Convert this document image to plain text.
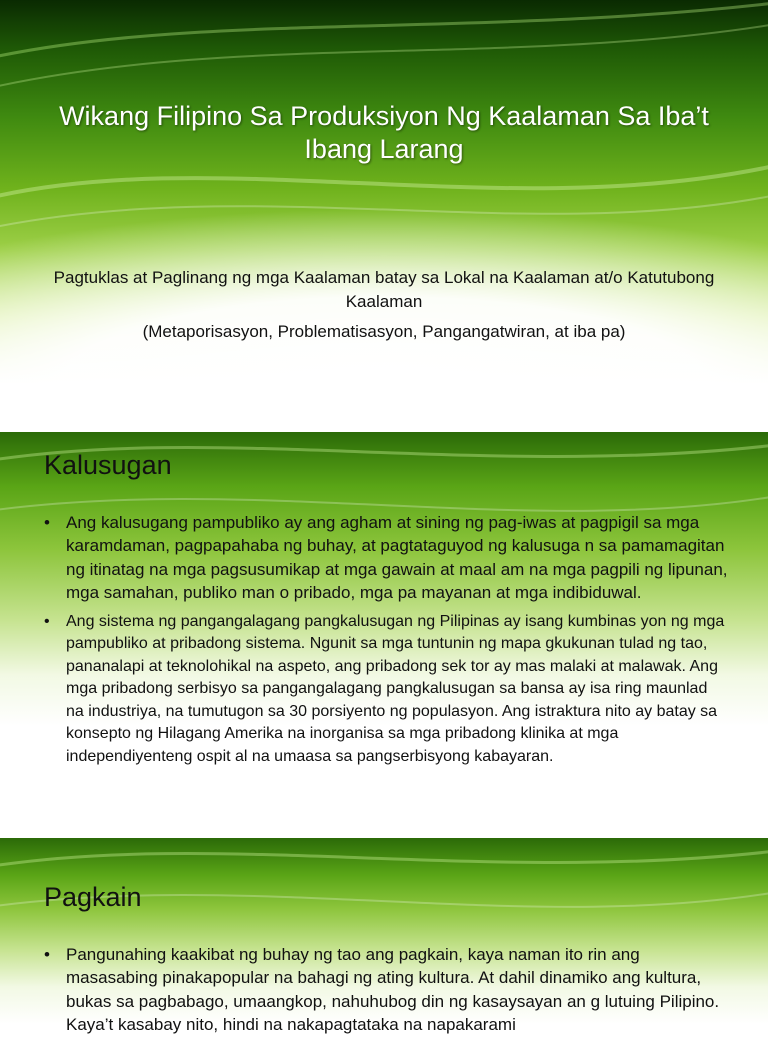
Wikang Filipino Sa Produksiyon Ng Kaalaman Sa Iba’t Ibang Larang
Pagtuklas at Paglinang ng mga Kaalaman batay sa Lokal na Kaalaman at/o Katutubong Kaalaman
(Metaporisasyon, Problematisasyon, Pangangatwiran, at iba pa)
Kalusugan
• Ang kalusugang pampubliko ay ang agham at sining ng pag-iwas at pagpigil sa mga karamdaman, pagpapahaba ng buhay, at pagtataguyod ng kalusuga n sa pamamagitan ng itinatag na mga pagsusumikap at mga gawain at maal am na mga pagpili ng lipunan, mga samahan, publiko man o pribado, mga pa mayanan at mga indibiduwal.
• Ang sistema ng pangangalagang pangkalusugan ng Pilipinas ay isang kumbinas yon ng mga pampubliko at pribadong sistema. Ngunit sa mga tuntunin ng mapa gkukunan tulad ng tao, pananalapi at teknolohikal na aspeto, ang pribadong sek tor ay mas malaki at malawak. Ang mga pribadong serbisyo sa pangangalagang pangkalusugan sa bansa ay isa ring maunlad na industriya, na tumutugon sa 30 porsiyento ng populasyon. Ang istraktura nito ay batay sa konsepto ng Hilagang Amerika na inorganisa sa mga pribadong klinika at mga independiyenteng ospit al na umaasa sa pangserbisyong kabayaran.
Pagkain
• Pangunahing kaakibat ng buhay ng tao ang pagkain, kaya naman ito rin ang masasabing pinakapopular na bahagi ng ating kultura. At dahil dinamiko ang kultura, bukas sa pagbabago, umaangkop, nahuhubog din ng kasaysayan an g lutuing Pilipino. Kaya’t kasabay nito, hindi na nakapagtataka na napakarami
